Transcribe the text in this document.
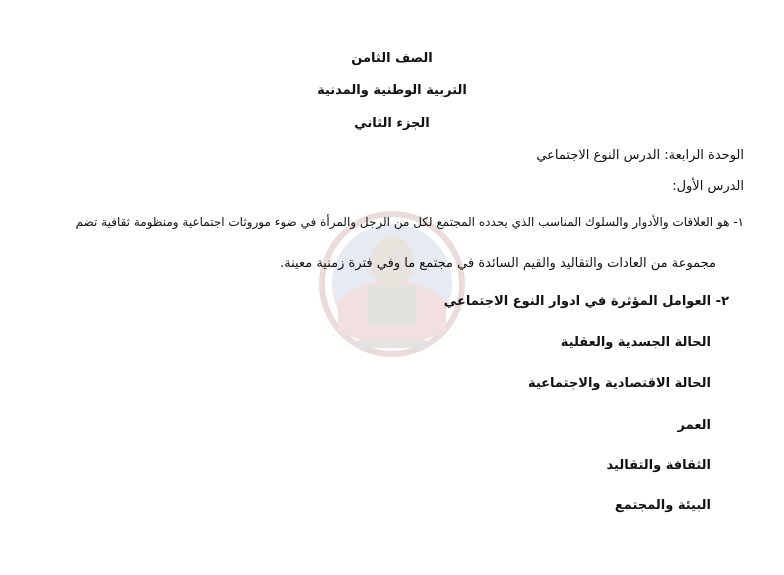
الصف الثامن
التربية الوطنية والمدنية
الجزء الثاني
الوحدة الرابعة: الدرس النوع الاجتماعي
الدرس الأول:
١- هو العلاقات والأدوار والسلوك المناسب الذي يحدده المجتمع لكل من الرجل والمرأة في ضوء موروثات اجتماعية ومنظومة ثقافية تضم
مجموعة من العادات والتقاليد والقيم السائدة في مجتمع ما وفي فترة زمنية معينة.
٢- العوامل المؤثرة في ادوار النوع الاجتماعي
الحالة الجسدية والعقلية
الحالة الاقتصادية والاجتماعية
العمر
الثقافة والتقاليد
البيئة والمجتمع
